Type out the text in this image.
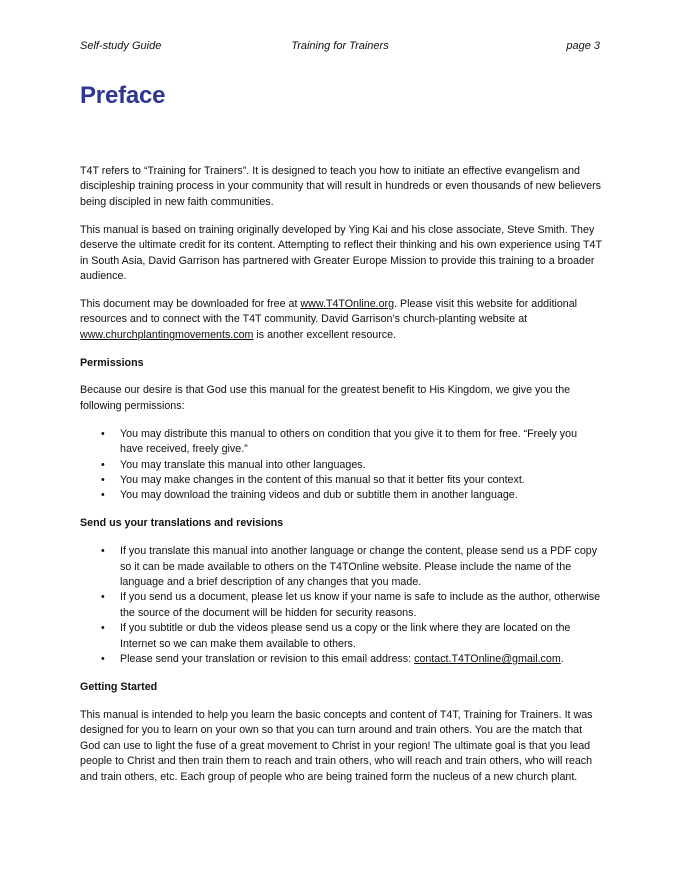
Self-study Guide	Training for Trainers	page 3
Preface

T4T refers to “Training for Trainers”. It is designed to teach you how to initiate an effective evangelism and discipleship training process in your community that will result in hundreds or even thousands of new believers being discipled in new faith communities.

This manual is based on training originally developed by Ying Kai and his close associate, Steve Smith. They deserve the ultimate credit for its content. Attempting to reflect their thinking and his own experience using T4T in South Asia, David Garrison has partnered with Greater Europe Mission to provide this training to a broader audience.

This document may be downloaded for free at www.T4TOnline.org. Please visit this website for additional resources and to connect with the T4T community. David Garrison’s church-planting website at www.churchplantingmovements.com is another excellent resource.

Permissions

Because our desire is that God use this manual for the greatest benefit to His Kingdom, we give you the following permissions:

• You may distribute this manual to others on condition that you give it to them for free. “Freely you have received, freely give.”
• You may translate this manual into other languages.
• You may make changes in the content of this manual so that it better fits your context.
• You may download the training videos and dub or subtitle them in another language.
Send us your translations and revisions
• If you translate this manual into another language or change the content, please send us a PDF copy so it can be made available to others on the T4TOnline website. Please include the name of the language and a brief description of any changes that you made.
• If you send us a document, please let us know if your name is safe to include as the author, otherwise the source of the document will be hidden for security reasons.
• If you subtitle or dub the videos please send us a copy or the link where they are located on the Internet so we can make them available to others.
• Please send your translation or revision to this email address: contact.T4TOnline@gmail.com.
Getting Started

This manual is intended to help you learn the basic concepts and content of T4T, Training for Trainers. It was designed for you to learn on your own so that you can turn around and train others. You are the match that God can use to light the fuse of a great movement to Christ in your region! The ultimate goal is that you lead people to Christ and then train them to reach and train others, who will reach and train others, who will reach and train others, etc. Each group of people who are being trained form the nucleus of a new church plant.
